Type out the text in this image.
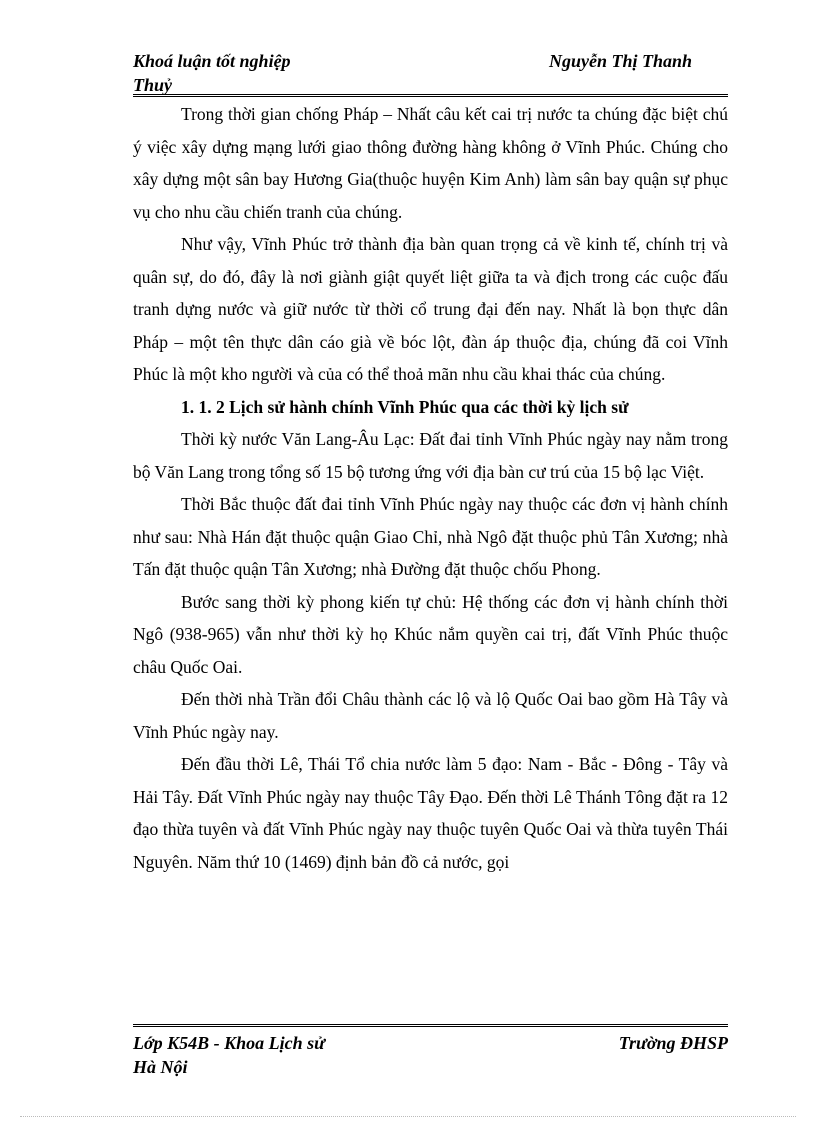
Khoá luận tốt nghiệp	Nguyễn Thị Thanh
Thuỷ

Trong thời gian chống Pháp – Nhất câu kết cai trị nước ta chúng đặc biệt chú ý việc xây dựng mạng lưới giao thông đường hàng không ở Vĩnh Phúc. Chúng cho xây dựng một sân bay Hương Gia(thuộc huyện Kim Anh) làm sân bay quận sự phục vụ cho nhu cầu chiến tranh của chúng.

Như vậy, Vĩnh Phúc trở thành địa bàn quan trọng cả về kinh tế, chính trị và quân sự, do đó, đây là nơi giành giật quyết liệt giữa ta và địch trong các cuộc đấu tranh dựng nước và giữ nước từ thời cổ trung đại đến nay. Nhất là bọn thực dân Pháp – một tên thực dân cáo già về bóc lột, đàn áp thuộc địa, chúng đã coi Vĩnh Phúc là một kho người và của có thể thoả mãn nhu cầu khai thác của chúng.

1. 1. 2 Lịch sử hành chính Vĩnh Phúc qua các thời kỳ lịch sử

Thời kỳ nước Văn Lang-Âu Lạc: Đất đai tỉnh Vĩnh Phúc ngày nay nằm trong bộ Văn Lang trong tổng số 15 bộ tương ứng với địa bàn cư trú của 15 bộ lạc Việt.

Thời Bắc thuộc đất đai tỉnh Vĩnh Phúc ngày nay thuộc các đơn vị hành chính như sau: Nhà Hán đặt thuộc quận Giao Chỉ, nhà Ngô đặt thuộc phủ Tân Xương; nhà Tấn đặt thuộc quận Tân Xương; nhà Đường đặt thuộc chốu Phong.

Bước sang thời kỳ phong kiến tự chủ: Hệ thống các đơn vị hành chính thời Ngô (938-965) vẫn như thời kỳ họ Khúc nắm quyền cai trị, đất Vĩnh Phúc thuộc châu Quốc Oai.

Đến thời nhà Trần đổi Châu thành các lộ và lộ Quốc Oai bao gồm Hà Tây và Vĩnh Phúc ngày nay.

Đến đầu thời Lê, Thái Tổ chia nước làm 5 đạo: Nam - Bắc - Đông - Tây và Hải Tây. Đất Vĩnh Phúc ngày nay thuộc Tây Đạo. Đến thời Lê Thánh Tông đặt ra 12 đạo thừa tuyên và đất Vĩnh Phúc ngày nay thuộc tuyên Quốc Oai và thừa tuyên Thái Nguyên. Năm thứ 10 (1469) định bản đồ cả nước, gọi

Lớp K54B - Khoa Lịch sử	Trường ĐHSP
Hà Nội
